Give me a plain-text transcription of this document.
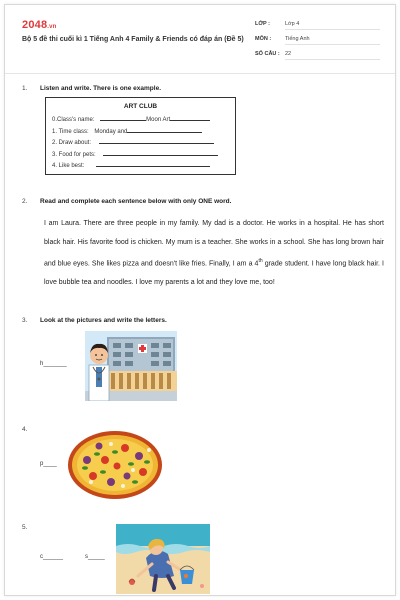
2048.vn
Bộ 5 đề thi cuối kì 1 Tiếng Anh 4 Family & Friends có đáp án (Đề 5)
LỚP :	Lớp 4
MÔN :	Tiếng Anh
SỐ CÂU : 22
1. Listen and write. There is one example.
ART CLUB
0.Class's name:	Moon Art
1. Time class: Monday and
2. Draw about:
3. Food for pets:
4. Like best:
2. Read and complete each sentence below with only ONE word.
I am Laura. There are three people in my family. My dad is a doctor. He works in a hospital. He has short black hair. His favorite food is chicken. My mum is a teacher. She works in a school. She has long brown hair and blue eyes. She likes pizza and doesn't like fries. Finally, I am a 4th grade student. I have long black hair. I love bubble tea and noodles. I love my parents a lot and they love me, too!
3. Look at the pictures and write the letters.
h_______
4.
p____
5.
c______	s_____
